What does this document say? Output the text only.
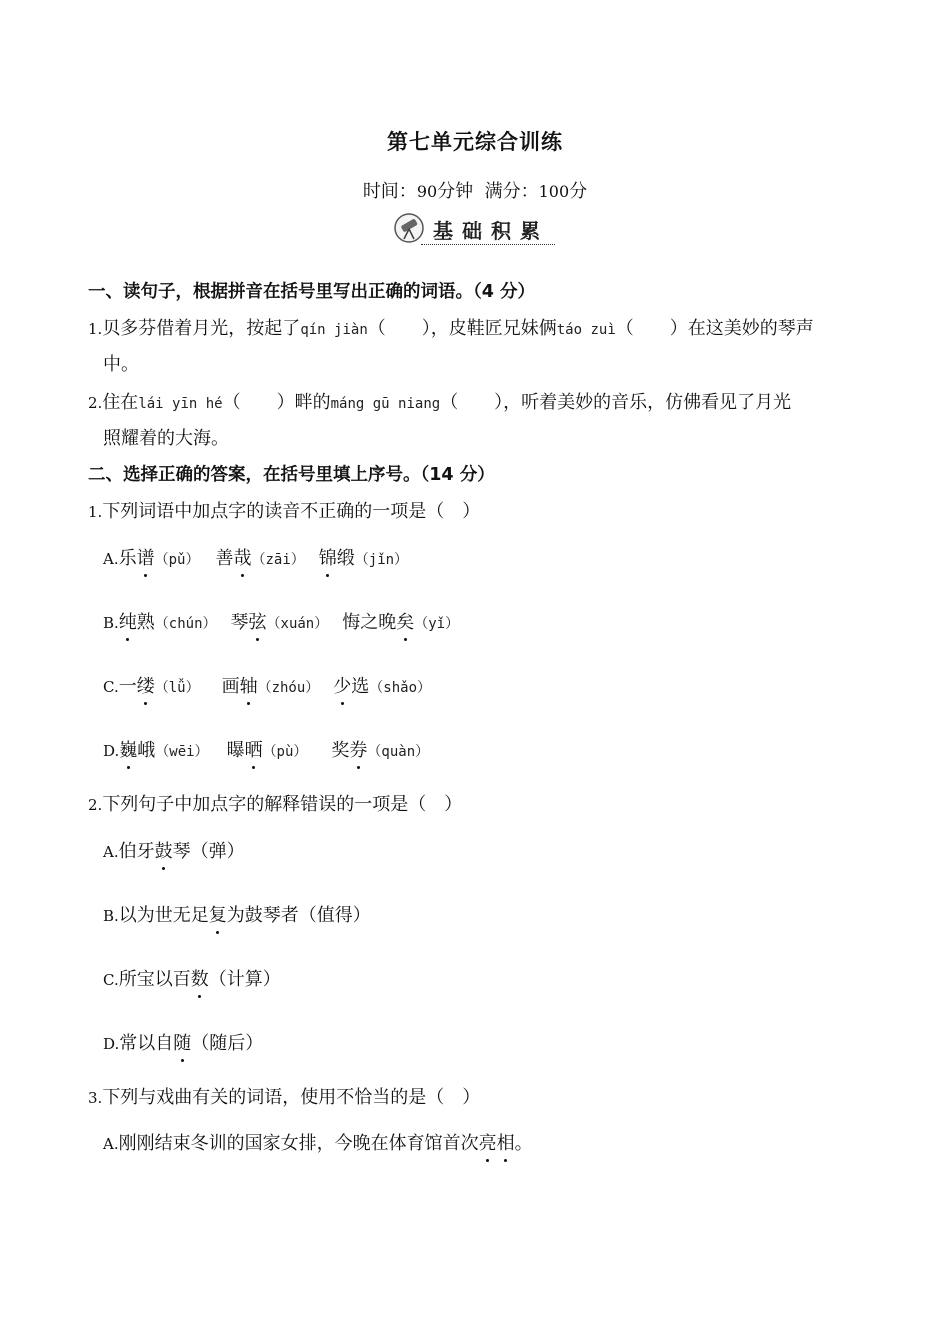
第七单元综合训练
时间：90分钟 满分：100分
基础积累
一、读句子，根据拼音在括号里写出正确的词语。（4 分）
1.贝多芬借着月光，按起了qín jiàn（　　），皮鞋匠兄妹俩táo zuì（　　）在这美妙的琴声
中。
2.住在lái yīn hé（　　）畔的máng gū niang（　　），听着美妙的音乐，仿佛看见了月光
照耀着的大海。
二、选择正确的答案，在括号里填上序号。（14 分）
1.下列词语中加点字的读音不正确的一项是（　）
A.乐谱（pǔ） 善哉（zāi） 锦缎（jǐn）
B.纯熟（chún） 琴弦（xuán） 悔之晚矣（yǐ）
C.一缕（lǚ） 画轴（zhóu） 少选（shǎo）
D.巍峨（wēi） 曝晒（pù） 奖券（quàn）
2.下列句子中加点字的解释错误的一项是（　）
A.伯牙鼓琴（弹）
B.以为世无足复为鼓琴者（值得）
C.所宝以百数（计算）
D.常以自随（随后）
3.下列与戏曲有关的词语，使用不恰当的是（　）
A.刚刚结束冬训的国家女排，今晚在体育馆首次亮相。
